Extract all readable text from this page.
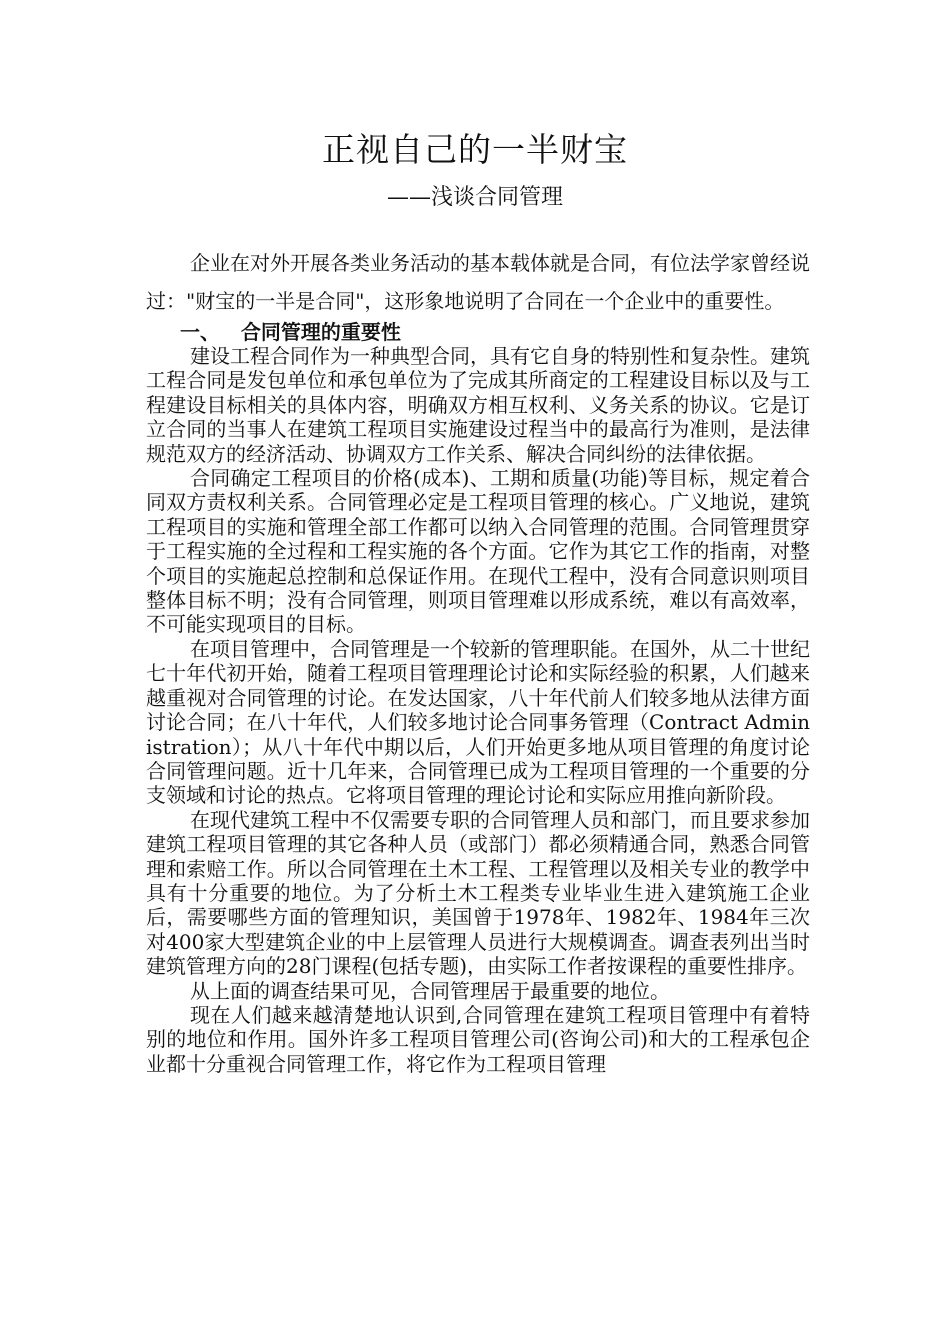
正视自己的一半财宝
——浅谈合同管理

企业在对外开展各类业务活动的基本载体就是合同，有位法学家曾经说过："财宝的一半是合同"，这形象地说明了合同在一个企业中的重要性。

一、   合同管理的重要性

建设工程合同作为一种典型合同，具有它自身的特别性和复杂性。建筑工程合同是发包单位和承包单位为了完成其所商定的工程建设目标以及与工程建设目标相关的具体内容，明确双方相互权利、义务关系的协议。它是订立合同的当事人在建筑工程项目实施建设过程当中的最高行为准则，是法律规范双方的经济活动、协调双方工作关系、解决合同纠纷的法律依据。

合同确定工程项目的价格(成本)、工期和质量(功能)等目标，规定着合同双方责权利关系。合同管理必定是工程项目管理的核心。广义地说，建筑工程项目的实施和管理全部工作都可以纳入合同管理的范围。合同管理贯穿于工程实施的全过程和工程实施的各个方面。它作为其它工作的指南，对整个项目的实施起总控制和总保证作用。在现代工程中，没有合同意识则项目整体目标不明；没有合同管理，则项目管理难以形成系统，难以有高效率，不可能实现项目的目标。

在项目管理中，合同管理是一个较新的管理职能。在国外，从二十世纪七十年代初开始，随着工程项目管理理论讨论和实际经验的积累，人们越来越重视对合同管理的讨论。在发达国家，八十年代前人们较多地从法律方面讨论合同；在八十年代，人们较多地讨论合同事务管理（Contract Administration）；从八十年代中期以后，人们开始更多地从项目管理的角度讨论合同管理问题。近十几年来，合同管理已成为工程项目管理的一个重要的分支领域和讨论的热点。它将项目管理的理论讨论和实际应用推向新阶段。

在现代建筑工程中不仅需要专职的合同管理人员和部门，而且要求参加建筑工程项目管理的其它各种人员（或部门）都必须精通合同，熟悉合同管理和索赔工作。所以合同管理在土木工程、工程管理以及相关专业的教学中具有十分重要的地位。为了分析土木工程类专业毕业生进入建筑施工企业后，需要哪些方面的管理知识，美国曾于1978年、1982年、1984年三次对400家大型建筑企业的中上层管理人员进行大规模调查。调查表列出当时建筑管理方向的28门课程(包括专题)，由实际工作者按课程的重要性排序。

从上面的调查结果可见，合同管理居于最重要的地位。

现在人们越来越清楚地认识到,合同管理在建筑工程项目管理中有着特别的地位和作用。国外许多工程项目管理公司(咨询公司)和大的工程承包企业都十分重视合同管理工作，将它作为工程项目管理
